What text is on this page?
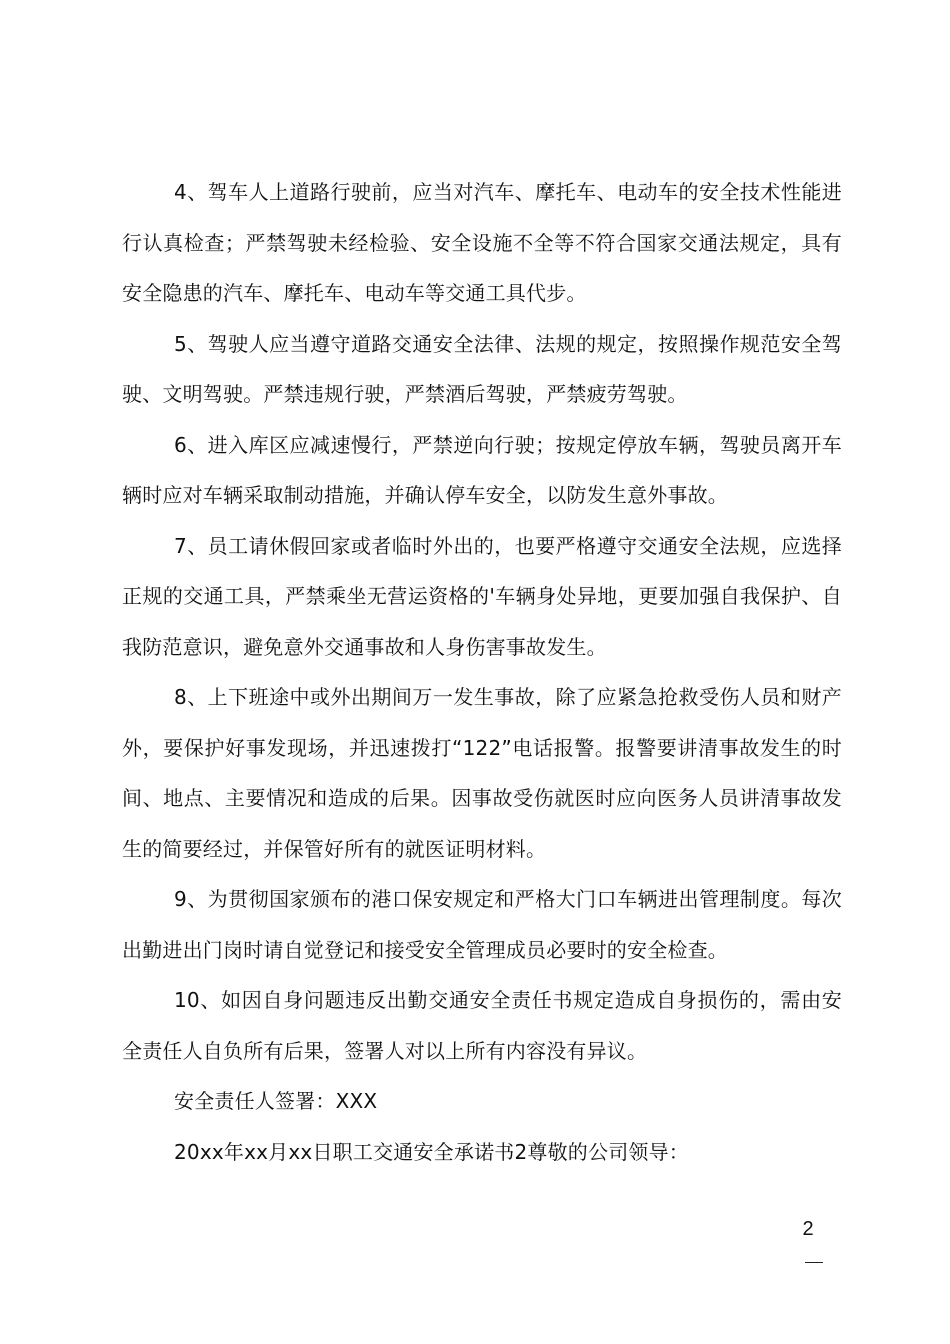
4、驾车人上道路行驶前，应当对汽车、摩托车、电动车的安全技术性能进行认真检查；严禁驾驶未经检验、安全设施不全等不符合国家交通法规定，具有安全隐患的汽车、摩托车、电动车等交通工具代步。

5、驾驶人应当遵守道路交通安全法律、法规的规定，按照操作规范安全驾驶、文明驾驶。严禁违规行驶，严禁酒后驾驶，严禁疲劳驾驶。

6、进入库区应减速慢行，严禁逆向行驶；按规定停放车辆，驾驶员离开车辆时应对车辆采取制动措施，并确认停车安全，以防发生意外事故。

7、员工请休假回家或者临时外出的，也要严格遵守交通安全法规，应选择正规的交通工具，严禁乘坐无营运资格的'车辆身处异地，更要加强自我保护、自我防范意识，避免意外交通事故和人身伤害事故发生。

8、上下班途中或外出期间万一发生事故，除了应紧急抢救受伤人员和财产外，要保护好事发现场，并迅速拨打“122”电话报警。报警要讲清事故发生的时间、地点、主要情况和造成的后果。因事故受伤就医时应向医务人员讲清事故发生的简要经过，并保管好所有的就医证明材料。

9、为贯彻国家颁布的港口保安规定和严格大门口车辆进出管理制度。每次出勤进出门岗时请自觉登记和接受安全管理成员必要时的安全检查。

10、如因自身问题违反出勤交通安全责任书规定造成自身损伤的，需由安全责任人自负所有后果，签署人对以上所有内容没有异议。

安全责任人签署：XXX

20xx年xx月xx日职工交通安全承诺书2尊敬的公司领导：

2
